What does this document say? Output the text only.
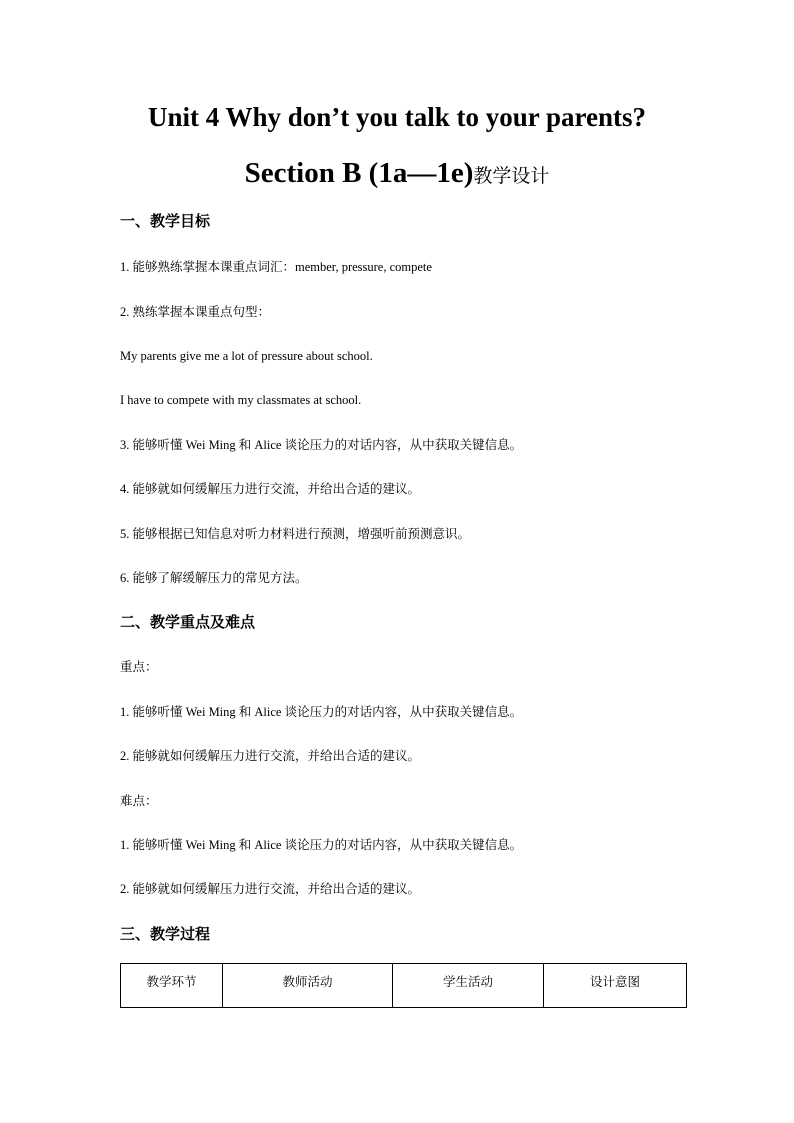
Unit 4 Why don’t you talk to your parents?
Section B (1a—1e)教学设计
一、教学目标
1. 能够熟练掌握本课重点词汇：member, pressure, compete
2. 熟练掌握本课重点句型：
My parents give me a lot of pressure about school.
I have to compete with my classmates at school.
3. 能够听懂 Wei Ming 和 Alice 谈论压力的对话内容，从中获取关键信息。
4. 能够就如何缓解压力进行交流，并给出合适的建议。
5. 能够根据已知信息对听力材料进行预测，增强听前预测意识。
6. 能够了解缓解压力的常见方法。
二、教学重点及难点
重点：
1. 能够听懂 Wei Ming 和 Alice 谈论压力的对话内容，从中获取关键信息。
2. 能够就如何缓解压力进行交流，并给出合适的建议。
难点：
1. 能够听懂 Wei Ming 和 Alice 谈论压力的对话内容，从中获取关键信息。
2. 能够就如何缓解压力进行交流，并给出合适的建议。
三、教学过程
教学环节	教师活动	学生活动	设计意图
